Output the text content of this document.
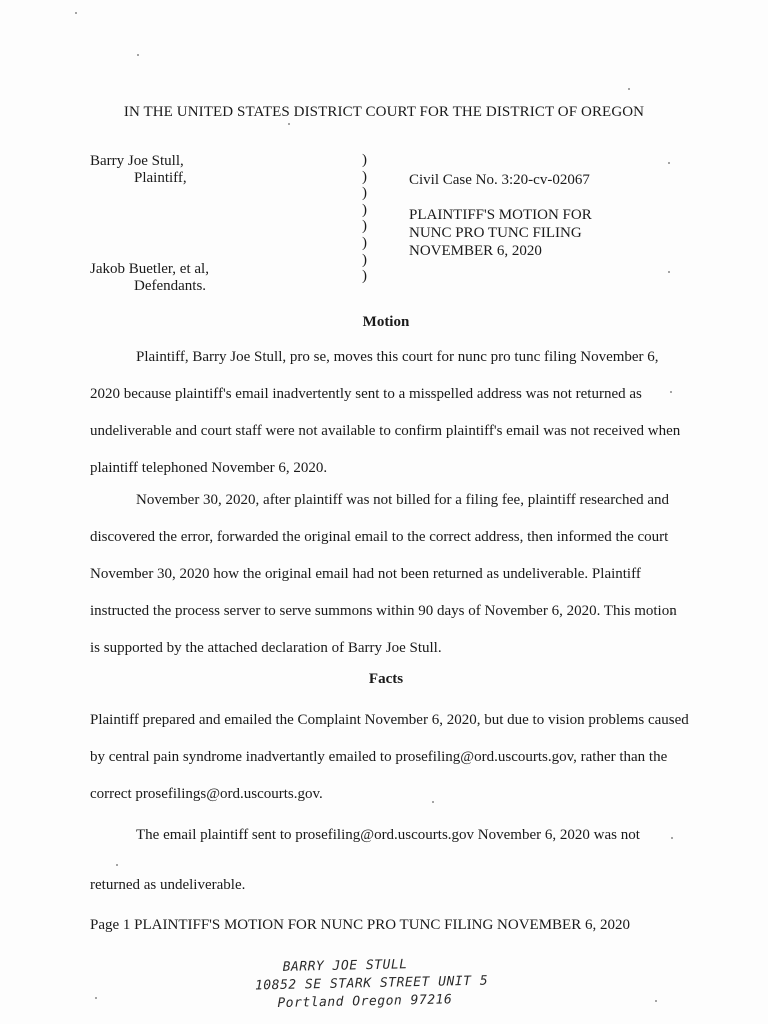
IN THE UNITED STATES DISTRICT COURT FOR THE DISTRICT OF OREGON
Barry Joe Stull,
Plaintiff,
Jakob Buetler, et al,
Defendants.
)
)
)
)
)
)
)
)
Civil Case No. 3:20-cv-02067
PLAINTIFF'S MOTION FOR
NUNC PRO TUNC FILING
NOVEMBER 6, 2020
Motion

Plaintiff, Barry Joe Stull, pro se, moves this court for nunc pro tunc filing November 6, 2020 because plaintiff's email inadvertently sent to a misspelled address was not returned as undeliverable and court staff were not available to confirm plaintiff's email was not received when plaintiff telephoned November 6, 2020.

November 30, 2020, after plaintiff was not billed for a filing fee, plaintiff researched and discovered the error, forwarded the original email to the correct address, then informed the court November 30, 2020 how the original email had not been returned as undeliverable. Plaintiff instructed the process server to serve summons within 90 days of November 6, 2020. This motion is supported by the attached declaration of Barry Joe Stull.

Facts

Plaintiff prepared and emailed the Complaint November 6, 2020, but due to vision problems caused by central pain syndrome inadvertantly emailed to prosefiling@ord.uscourts.gov, rather than the correct prosefilings@ord.uscourts.gov.

The email plaintiff sent to prosefiling@ord.uscourts.gov November 6, 2020 was not
returned as undeliverable.
Page 1 PLAINTIFF'S MOTION FOR NUNC PRO TUNC FILING NOVEMBER 6, 2020
BARRY JOE STULL
10852 SE STARK STREET UNIT 5
Portland Oregon 97216
